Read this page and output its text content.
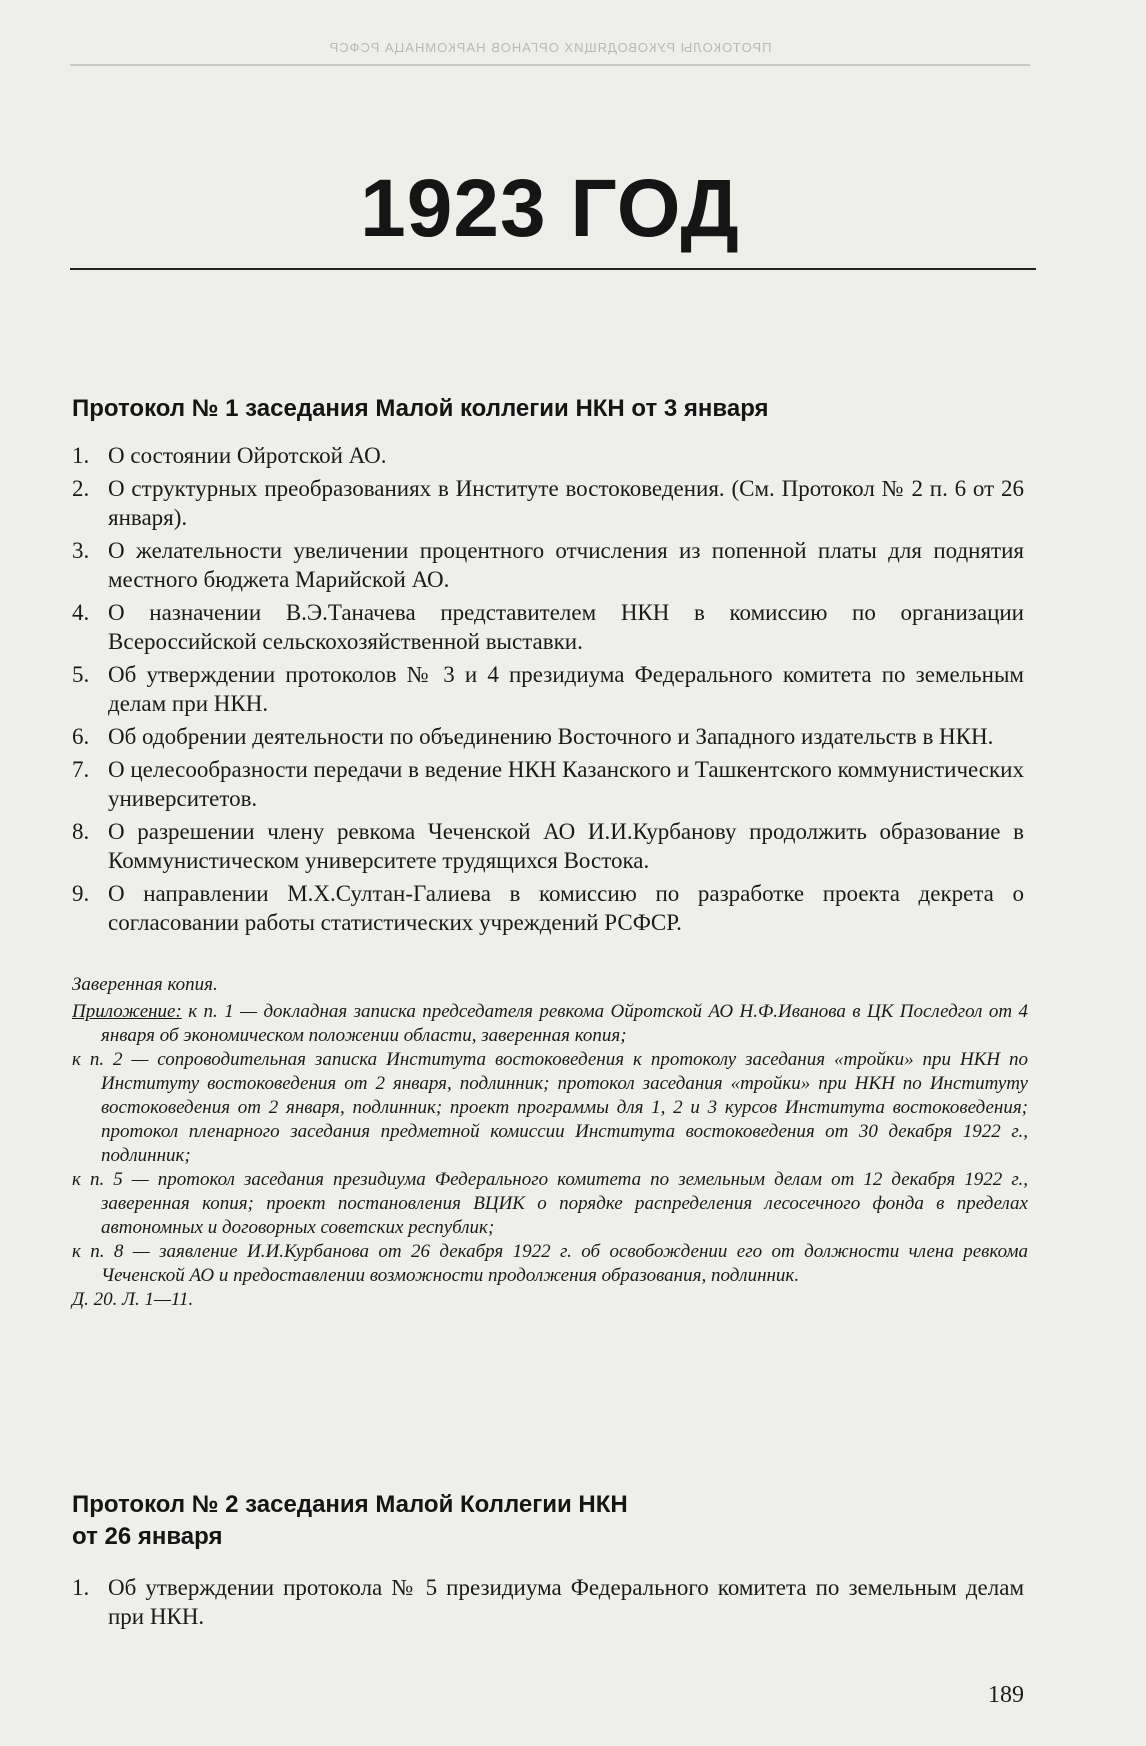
ПРОТОКОЛЫ РУКОВОДЯЩИХ ОРГАНОВ НАРКОМНАЦА РСФСР
1923 ГОД
Протокол № 1 заседания Малой коллегии НКН от 3 января
1. О состоянии Ойротской АО.
2. О структурных преобразованиях в Институте востоковедения. (См. Протокол № 2 п. 6 от 26 января).
3. О желательности увеличении процентного отчисления из попенной платы для поднятия местного бюджета Марийской АО.
4. О назначении В.Э.Таначева представителем НКН в комиссию по организации Всероссийской сельскохозяйственной выставки.
5. Об утверждении протоколов № 3 и 4 президиума Федерального комитета по земельным делам при НКН.
6. Об одобрении деятельности по объединению Восточного и Западного издательств в НКН.
7. О целесообразности передачи в ведение НКН Казанского и Ташкентского коммунистических университетов.
8. О разрешении члену ревкома Чеченской АО И.И.Курбанову продолжить образование в Коммунистическом университете трудящихся Востока.
9. О направлении М.Х.Султан-Галиева в комиссию по разработке проекта декрета о согласовании работы статистических учреждений РСФСР.

Заверенная копия.

Приложение: к п. 1 — докладная записка председателя ревкома Ойротской АО Н.Ф.Иванова в ЦК Последгол от 4 января об экономическом положении области, заверенная копия;

к п. 2 — сопроводительная записка Института востоковедения к протоколу заседания «тройки» при НКН по Институту востоковедения от 2 января, подлинник; протокол заседания «тройки» при НКН по Институту востоковедения от 2 января, подлинник; проект программы для 1, 2 и 3 курсов Института востоковедения; протокол пленарного заседания предметной комиссии Института востоковедения от 30 декабря 1922 г., подлинник;

к п. 5 — протокол заседания президиума Федерального комитета по земельным делам от 12 декабря 1922 г., заверенная копия; проект постановления ВЦИК о порядке распределения лесосечного фонда в пределах автономных и договорных советских республик;

к п. 8 — заявление И.И.Курбанова от 26 декабря 1922 г. об освобождении его от должности члена ревкома Чеченской АО и предоставлении возможности продолжения образования, подлинник.

Д. 20. Л. 1—11.

Протокол № 2 заседания Малой Коллегии НКН
от 26 января
1. Об утверждении протокола № 5 президиума Федерального комитета по земельным делам при НКН.
189
